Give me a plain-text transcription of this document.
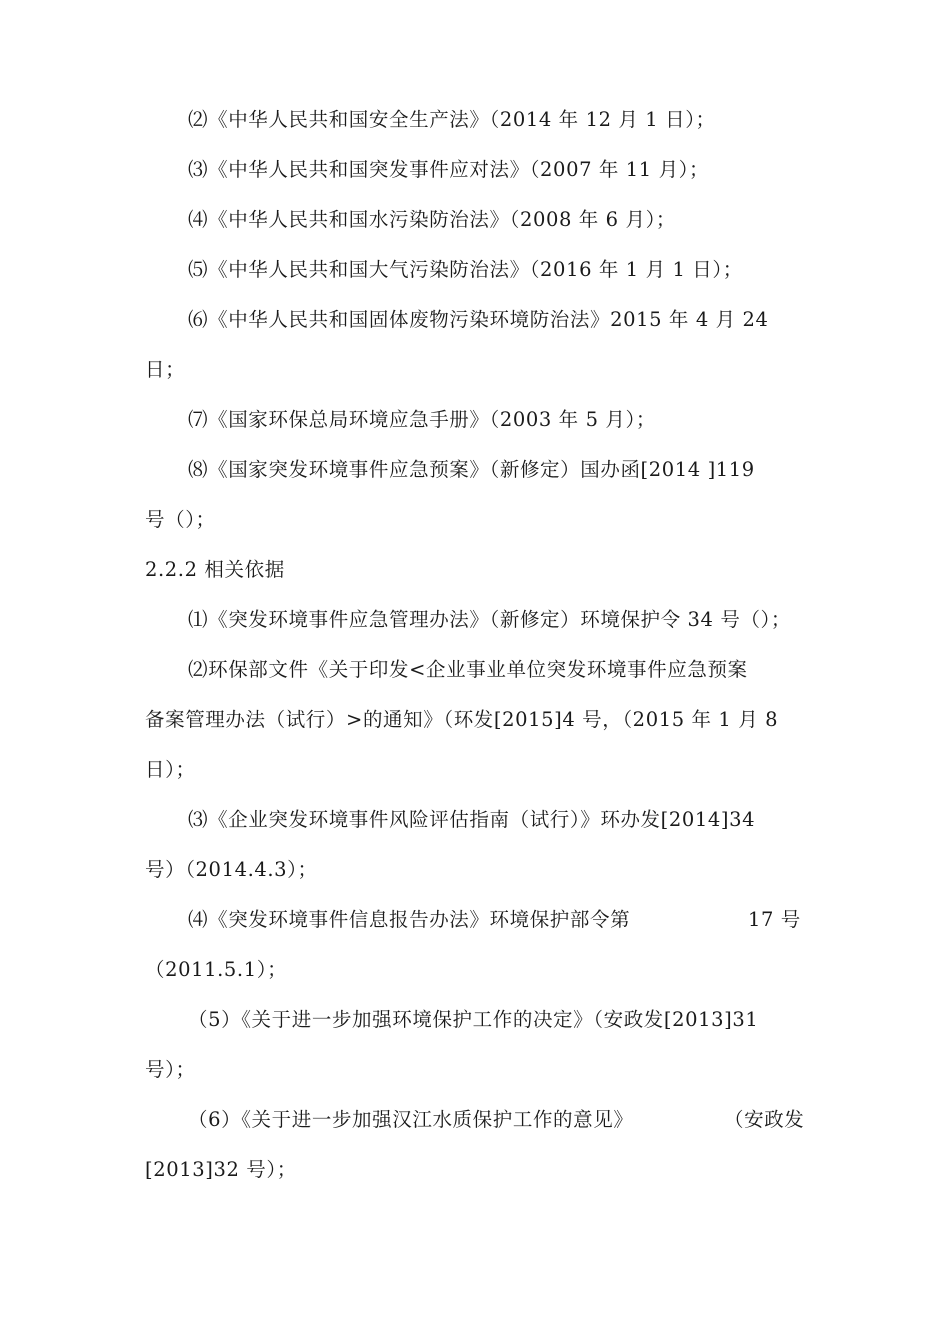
⑵《中华人民共和国安全生产法》（2014 年 12 月 1 日）；
⑶《中华人民共和国突发事件应对法》（2007 年 11 月）；
⑷《中华人民共和国水污染防治法》（2008 年 6 月）；
⑸《中华人民共和国大气污染防治法》（2016 年 1 月 1 日）；
⑹《中华人民共和国固体废物污染环境防治法》2015 年 4 月 24
日；
⑺《国家环保总局环境应急手册》（2003 年 5 月）；
⑻《国家突发环境事件应急预案》（新修定）国办函[2014 ]119
号（）；
2.2.2 相关依据
⑴《突发环境事件应急管理办法》（新修定）环境保护令 34 号（）；
⑵环保部文件《关于印发<企业事业单位突发环境事件应急预案
备案管理办法（试行）>的通知》（环发[2015]4 号，（2015 年 1 月 8
日）；
⑶《企业突发环境事件风险评估指南（试行）》环办发[2014]34
号）（2014.4.3）；
⑷《突发环境事件信息报告办法》环境保护部令第	17 号
（2011.5.1）；
（5）《关于进一步加强环境保护工作的决定》（安政发[2013]31
号）；
（6）《关于进一步加强汉江水质保护工作的意见》	（安政发
[2013]32 号）；
